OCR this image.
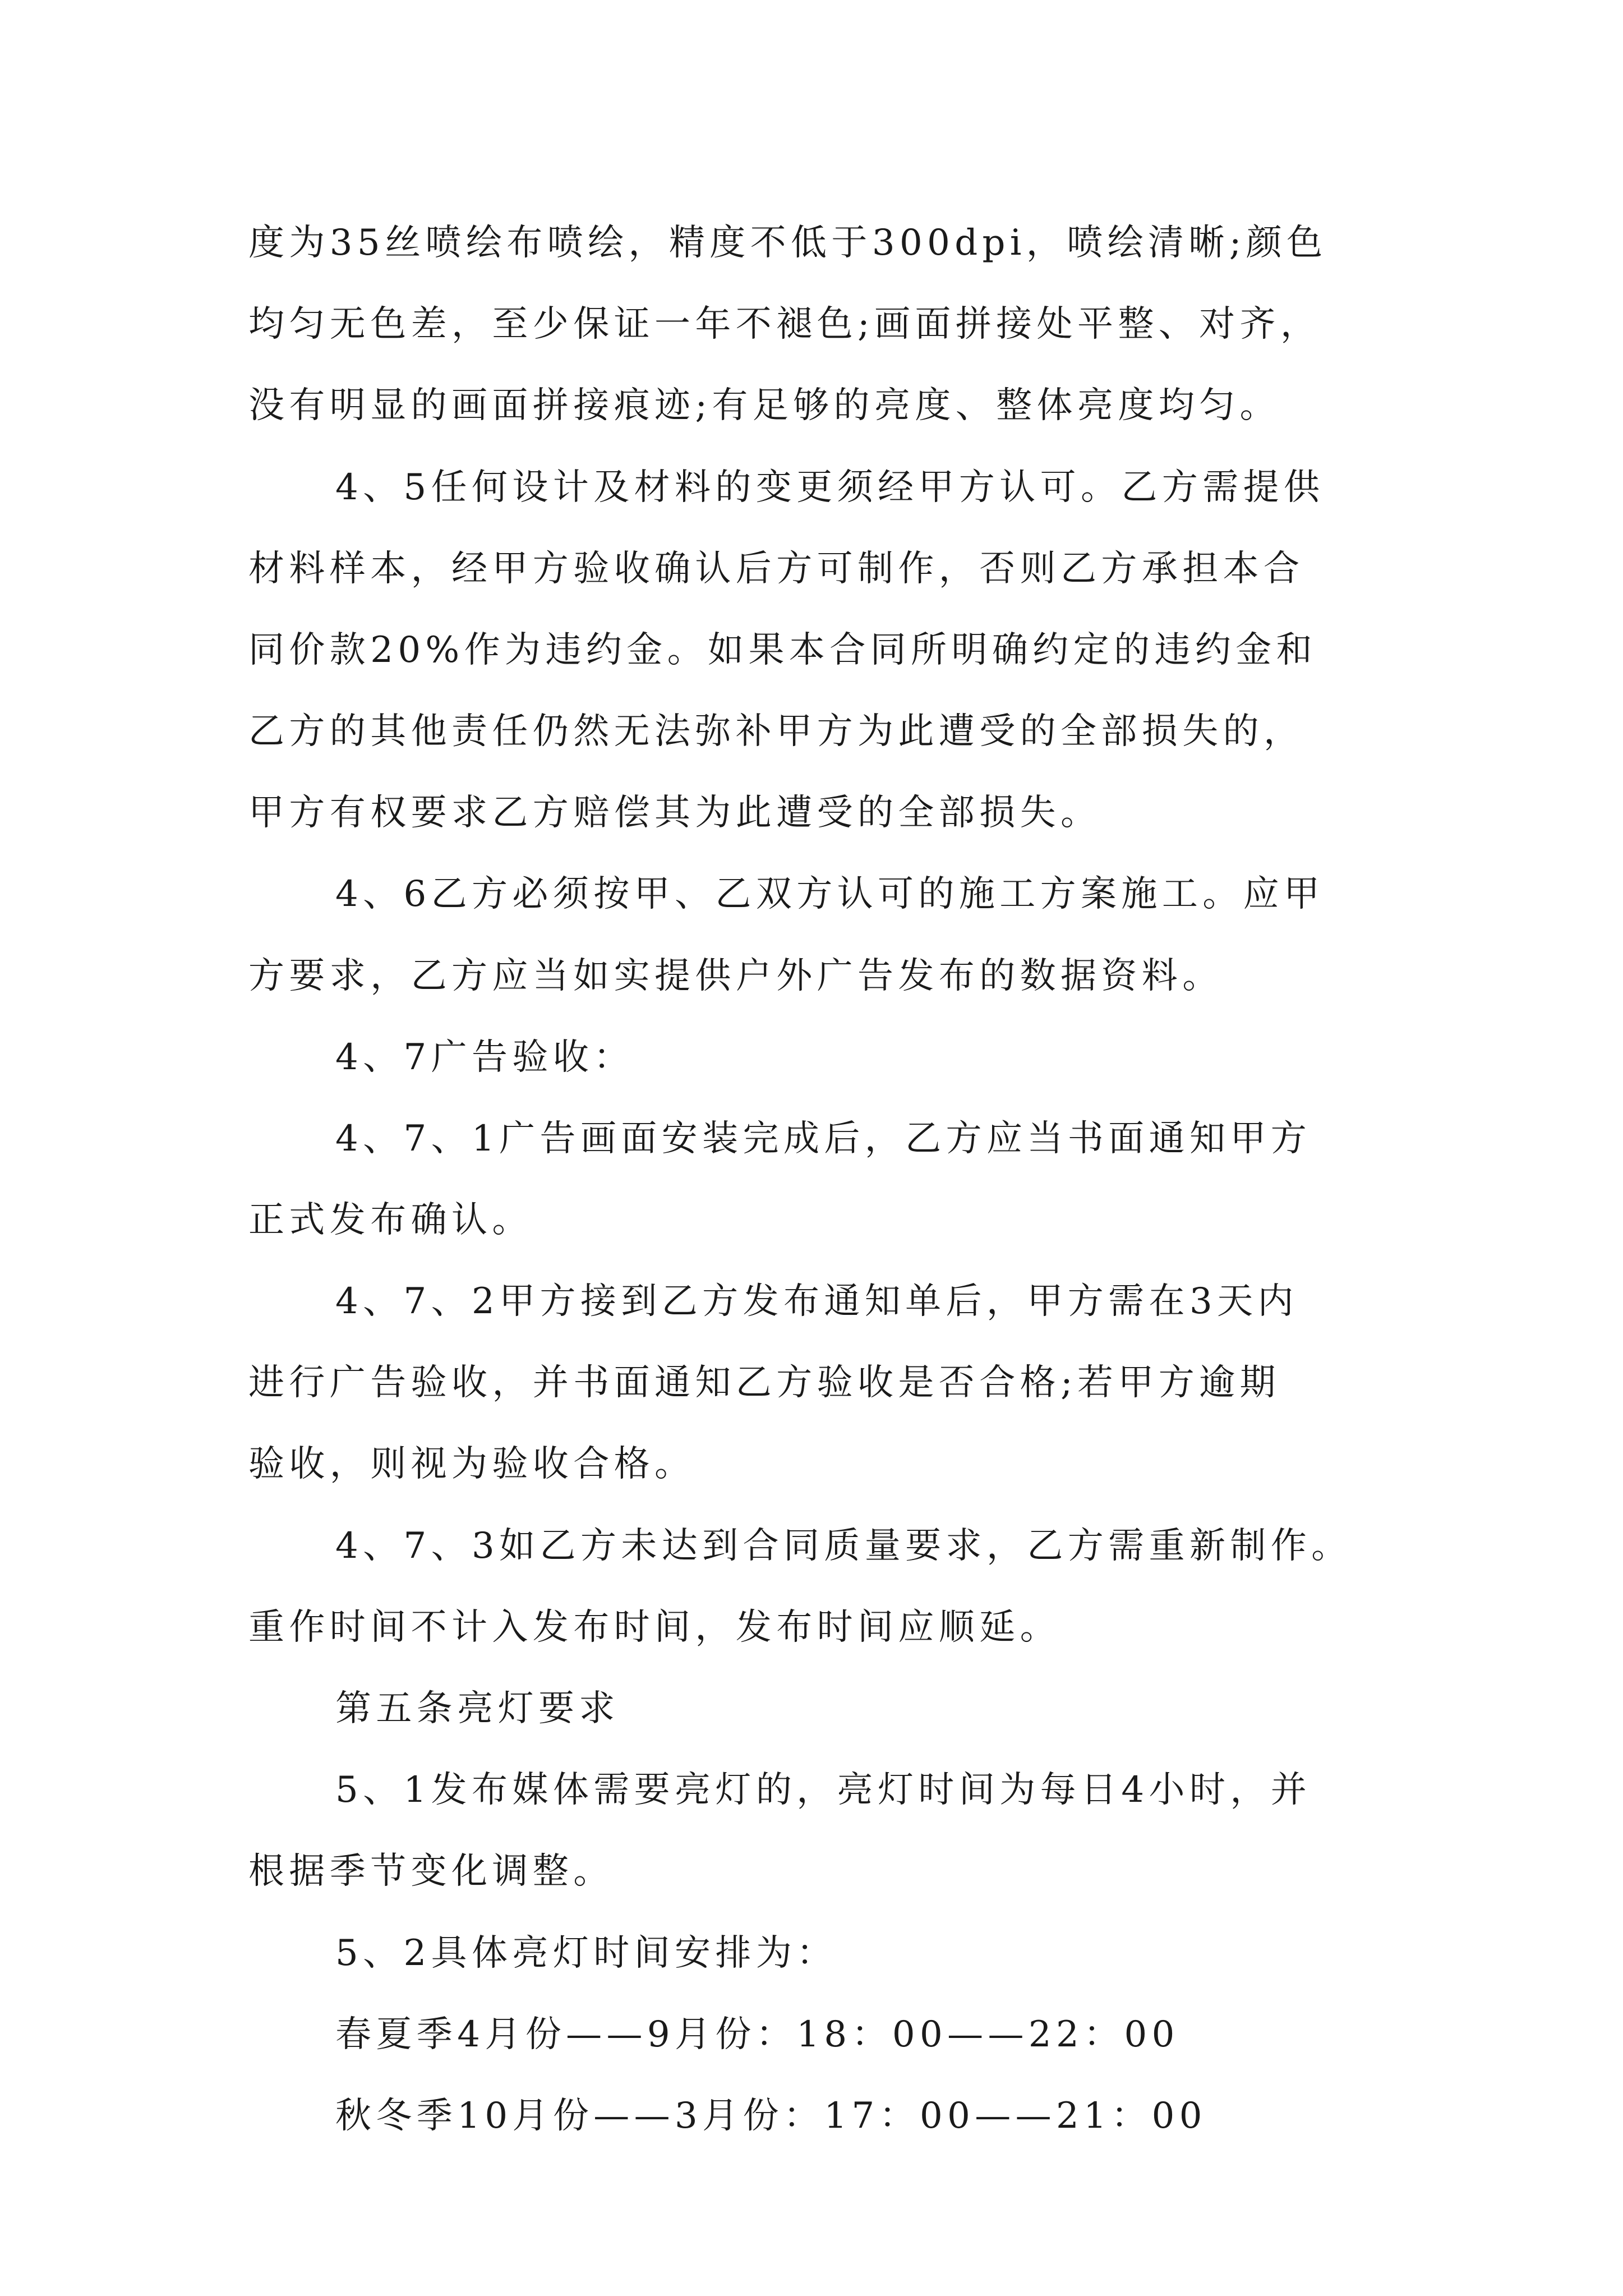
度为35丝喷绘布喷绘，精度不低于300dpi，喷绘清晰;颜色

均匀无色差，至少保证一年不褪色;画面拼接处平整、对齐，

没有明显的画面拼接痕迹;有足够的亮度、整体亮度均匀。

4、5任何设计及材料的变更须经甲方认可。乙方需提供

材料样本，经甲方验收确认后方可制作，否则乙方承担本合

同价款20%作为违约金。如果本合同所明确约定的违约金和

乙方的其他责任仍然无法弥补甲方为此遭受的全部损失的，

甲方有权要求乙方赔偿其为此遭受的全部损失。

4、6乙方必须按甲、乙双方认可的施工方案施工。应甲

方要求，乙方应当如实提供户外广告发布的数据资料。

4、7广告验收：

4、7、1广告画面安装完成后，乙方应当书面通知甲方

正式发布确认。

4、7、2甲方接到乙方发布通知单后，甲方需在3天内

进行广告验收，并书面通知乙方验收是否合格;若甲方逾期

验收，则视为验收合格。

4、7、3如乙方未达到合同质量要求，乙方需重新制作。

重作时间不计入发布时间，发布时间应顺延。

第五条亮灯要求

5、1发布媒体需要亮灯的，亮灯时间为每日4小时，并

根据季节变化调整。

5、2具体亮灯时间安排为：

春夏季4月份——9月份：18：00——22：00

秋冬季10月份——3月份：17：00——21：00
